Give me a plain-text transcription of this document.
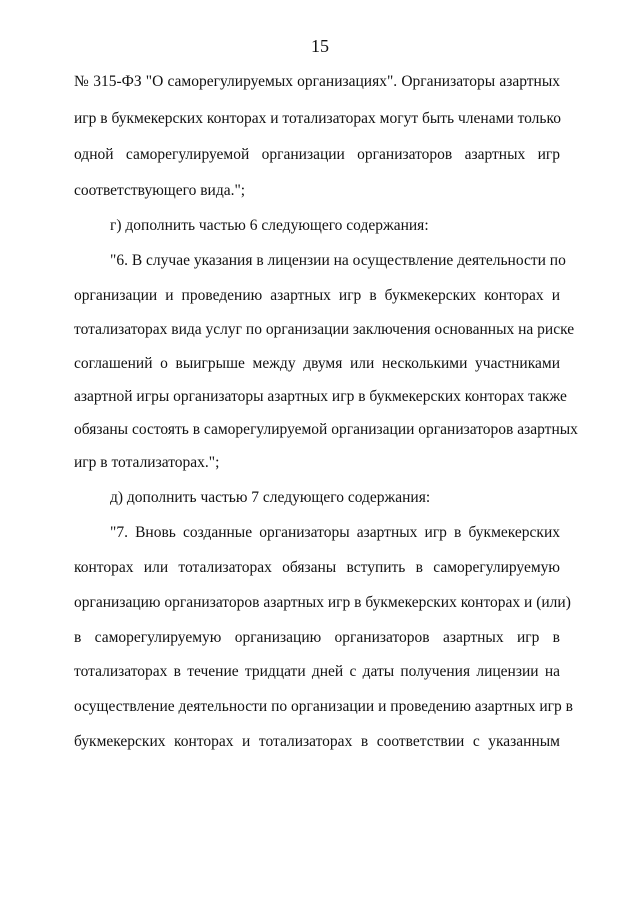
15
№ 315-ФЗ "О саморегулируемых организациях". Организаторы азартных
игр в букмекерских конторах и тотализаторах могут быть членами только
одной саморегулируемой организации организаторов азартных игр
соответствующего вида.";
г) дополнить частью 6 следующего содержания:
"6. В случае указания в лицензии на осуществление деятельности по
организации и проведению азартных игр в букмекерских конторах и
тотализаторах вида услуг по организации заключения основанных на риске
соглашений о выигрыше между двумя или несколькими участниками
азартной игры организаторы азартных игр в букмекерских конторах также
обязаны состоять в саморегулируемой организации организаторов азартных
игр в тотализаторах.";
д) дополнить частью 7 следующего содержания:
"7. Вновь созданные организаторы азартных игр в букмекерских
конторах или тотализаторах обязаны вступить в саморегулируемую
организацию организаторов азартных игр в букмекерских конторах и (или)
в саморегулируемую организацию организаторов азартных игр в
тотализаторах в течение тридцати дней с даты получения лицензии на
осуществление деятельности по организации и проведению азартных игр в
букмекерских конторах и тотализаторах в соответствии с указанным
